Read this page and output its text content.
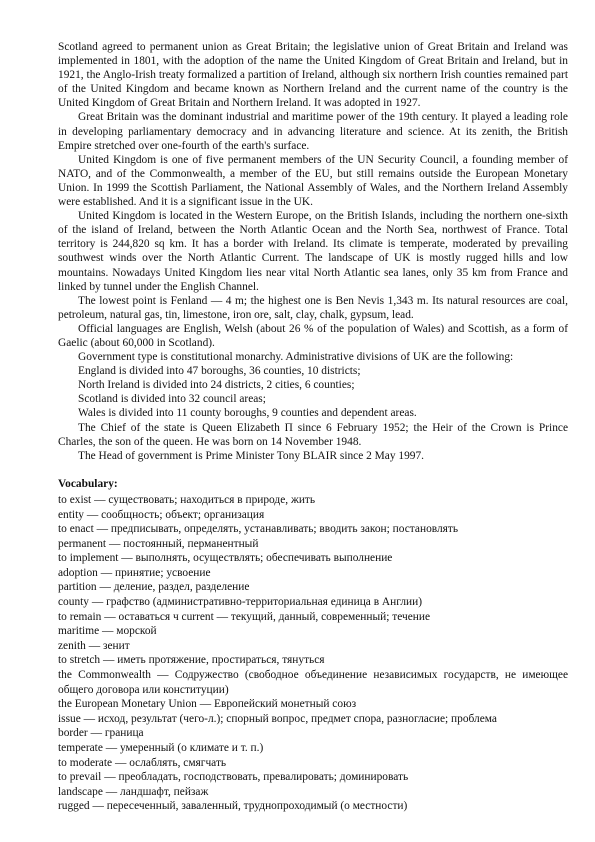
Scotland agreed to permanent union as Great Britain; the legislative union of Great Britain and Ireland was implemented in 1801, with the adoption of the name the United Kingdom of Great Britain and Ireland, but in 1921, the Anglo-Irish treaty formalized a partition of Ireland, although six northern Irish counties remained part of the United Kingdom and became known as Northern Ireland and the current name of the country is the United Kingdom of Great Britain and Northern Ireland. It was adopted in 1927.

Great Britain was the dominant industrial and maritime power of the 19th century. It played a leading role in developing parliamentary democracy and in advancing literature and science. At its zenith, the British Empire stretched over one-fourth of the earth's surface.

United Kingdom is one of five permanent members of the UN Security Council, a founding member of NATO, and of the Commonwealth, a member of the EU, but still remains outside the European Monetary Union. In 1999 the Scottish Parliament, the National Assembly of Wales, and the Northern Ireland Assembly were established. And it is a significant issue in the UK.

United Kingdom is located in the Western Europe, on the British Islands, including the northern one-sixth of the island of Ireland, between the North Atlantic Ocean and the North Sea, northwest of France. Total territory is 244,820 sq km. It has a border with Ireland. Its climate is temperate, moderated by prevailing southwest winds over the North Atlantic Current. The landscape of UK is mostly rugged hills and low mountains. Nowadays United Kingdom lies near vital North Atlantic sea lanes, only 35 km from France and linked by tunnel under the English Channel.

The lowest point is Fenland — 4 m; the highest one is Ben Nevis 1,343 m. Its natural resources are coal, petroleum, natural gas, tin, limestone, iron ore, salt, clay, chalk, gypsum, lead.

Official languages are English, Welsh (about 26 % of the population of Wales) and Scottish, as a form of Gaelic (about 60,000 in Scotland).

Government type is constitutional monarchy. Administrative divisions of UK are the following:

England is divided into 47 boroughs, 36 counties, 10 districts;

North Ireland is divided into 24 districts, 2 cities, 6 counties;

Scotland is divided into 32 council areas;

Wales is divided into 11 county boroughs, 9 counties and dependent areas.

The Chief of the state is Queen Elizabeth П since 6 February 1952; the Heir of the Crown is Prince Charles, the son of the queen. He was born on 14 November 1948.

The Head of government is Prime Minister Tony BLAIR since 2 May 1997.

Vocabulary:
to exist — существовать; находиться в природе, жить
entity — сообщность; объект; организация
to enact — предписывать, определять, устанавливать; вводить закон; постановлять
permanent — постоянный, перманентный
to implement — выполнять, осуществлять; обеспечивать выполнение
adoption — принятие; усвоение
partition — деление, раздел, разделение
county — графство (административно-территориальная единица в Англии)
to remain — оставаться ч current — текущий, данный, современный; течение
maritime — морской
zenith — зенит
to stretch — иметь протяжение, простираться, тянуться
the Commonwealth — Содружество (свободное объединение независимых государств, не имеющее общего договора или конституции)
the European Monetary Union — Европейский монетный союз
issue — исход, результат (чего-л.); спорный вопрос, предмет спора, разногласие; проблема
border — граница
temperate — умеренный (о климате и т. п.)
to moderate — ослаблять, смягчать
to prevail — преобладать, господствовать, превалировать; доминировать
landscape — ландшафт, пейзаж
rugged — пересеченный, заваленный, труднопроходимый (о местности)
